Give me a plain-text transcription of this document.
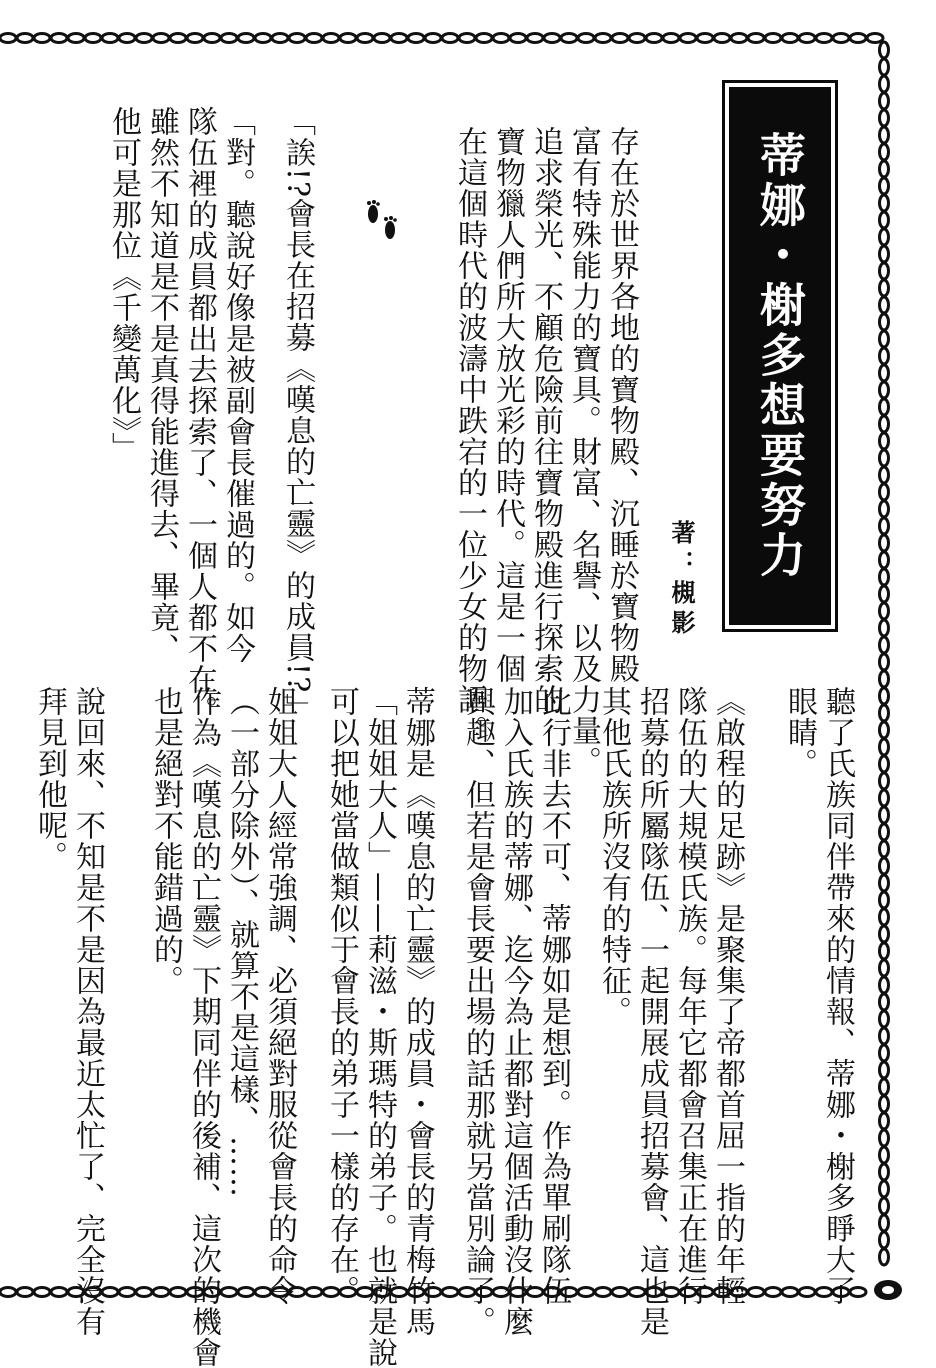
蒂娜・榭多想要努力
著：槻影
存在於世界各地的寶物殿、沉睡於寶物殿
富有特殊能力的寶具。財富、名譽、以及力量。
追求榮光、不顧危險前往寶物殿進行探索的
寶物獵人們所大放光彩的時代。這是一個
在這個時代的波濤中跌宕的一位少女的物語。
「誒!?會長在招募《嘆息的亡靈》的成員!?」
「對。聽說好像是被副會長催過的。如今
隊伍裡的成員都出去探索了、一個人都不在。
雖然不知道是不是真得能進得去、畢竟、
他可是那位《千變萬化》」
聽了氏族同伴帶來的情報、蒂娜・榭多睜大了
眼睛。
《啟程的足跡》是聚集了帝都首屈一指的年輕
隊伍的大規模氏族。每年它都會召集正在進行
招募的所屬隊伍、一起開展成員招募會、這也是
其他氏族所沒有的特征。
此行非去不可、蒂娜如是想到。作為單刷隊伍
加入氏族的蒂娜、迄今為止都對這個活動沒什麼
興趣、但若是會長要出場的話那就另當別論了。
蒂娜是《嘆息的亡靈》的成員・會長的青梅竹馬
「姐姐大人」——莉滋・斯瑪特的弟子。也就是說
可以把她當做類似于會長的弟子一樣的存在。
姐姐大人經常強調、必須絕對服從會長的命令
（一部分除外）、就算不是這樣、……
作為《嘆息的亡靈》下期同伴的後補、這次的機會
也是絕對不能錯過的。
說回來、不知是不是因為最近太忙了、完全沒有
拜見到他呢。
